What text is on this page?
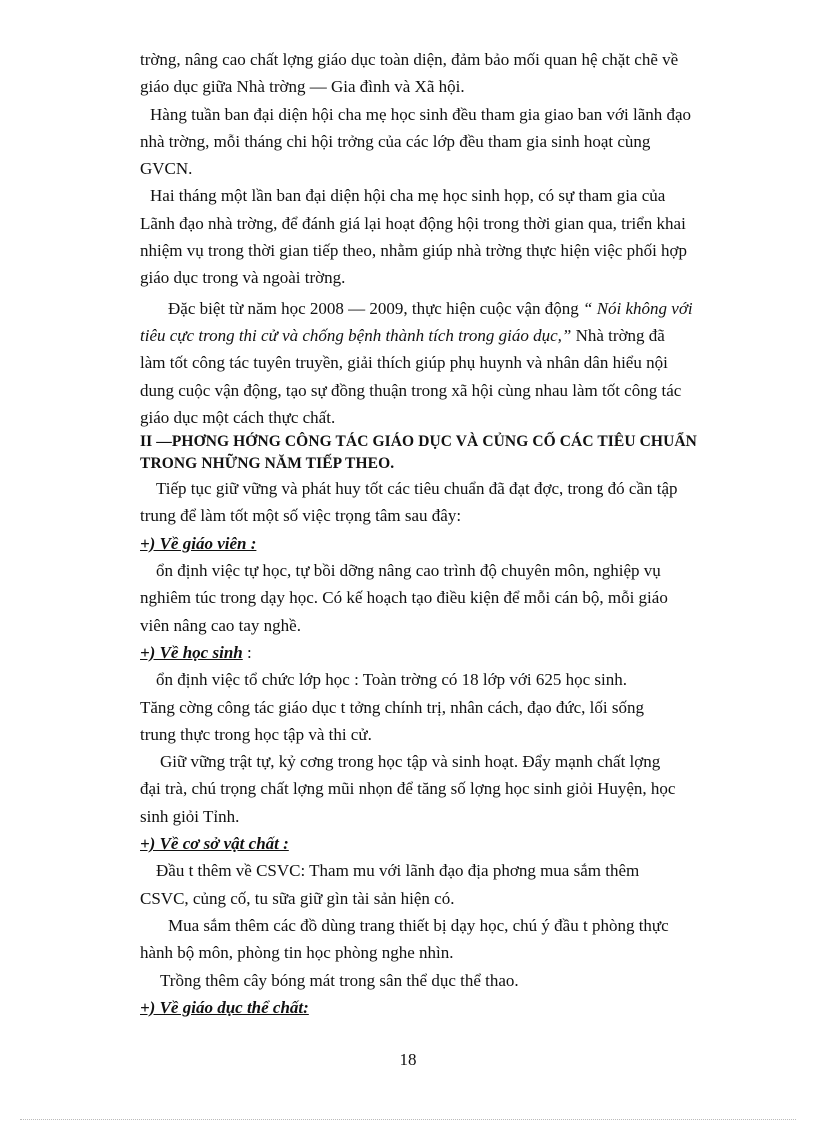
trờng, nâng cao chất lợng giáo dục toàn diện, đảm bảo mối quan hệ chặt chẽ về
giáo dục giữa Nhà trờng — Gia đình và Xã hội.
Hàng tuần ban đại diện hội cha mẹ học sinh đều tham gia giao ban với lãnh đạo
nhà trờng, mỗi tháng chi hội trởng của các lớp đều tham gia sinh hoạt cùng
GVCN.
Hai tháng một lần ban đại diện hội cha mẹ học sinh họp, có sự tham gia của
Lãnh đạo nhà trờng, để đánh giá lại hoạt động hội trong thời gian qua, triển khai
nhiệm vụ trong thời gian tiếp theo, nhằm giúp nhà trờng thực hiện việc phối hợp
giáo dục trong và ngoài trờng.
Đặc biệt từ năm học 2008 — 2009, thực hiện cuộc vận động “ Nói không với
tiêu cực trong thi cử và chống bệnh thành tích trong giáo dục,” Nhà trờng đã
làm tốt công tác tuyên truyền, giải thích giúp phụ huynh và nhân dân hiểu nội
dung cuộc vận động, tạo sự đồng thuận trong xã hội cùng nhau làm tốt công tác
giáo dục một cách thực chất.
II —PHƠNG HỚNG CÔNG TÁC GIÁO DỤC VÀ CỦNG CỐ CÁC TIÊU CHUẨN
TRONG NHỮNG NĂM TIẾP THEO.
Tiếp tục giữ vững và phát huy tốt các tiêu chuẩn đã đạt đợc, trong đó cần tập
trung để làm tốt một số việc trọng tâm sau đây:
+) Về giáo viên :
ổn định việc tự học, tự bồi dỡng nâng cao trình độ chuyên môn, nghiệp vụ
nghiêm túc trong dạy học. Có kế hoạch tạo điều kiện để mỗi cán bộ, mỗi giáo
viên nâng cao tay nghề.
+) Về học sinh :
ổn định việc tổ chức lớp học : Toàn trờng có 18 lớp với 625 học sinh.
Tăng cờng công tác giáo dục t tởng chính trị, nhân cách, đạo đức, lối sống
trung thực trong học tập và thi cử.
Giữ vững trật tự, kỷ cơng trong học tập và sinh hoạt. Đẩy mạnh chất lợng
đại trà, chú trọng chất lợng mũi nhọn để tăng số lợng học sinh giỏi Huyện, học
sinh giỏi Tỉnh.
+) Về cơ sở vật chất :
Đầu t thêm về CSVC: Tham mu với lãnh đạo địa phơng mua sắm thêm
CSVC, củng cố, tu sữa giữ gìn tài sản hiện có.
Mua sắm thêm các đồ dùng trang thiết bị dạy học, chú ý đầu t phòng thực
hành bộ môn, phòng tin học phòng nghe nhìn.
Trồng thêm cây bóng mát trong sân thể dục thể thao.
+) Về giáo dục thể chất:
18
